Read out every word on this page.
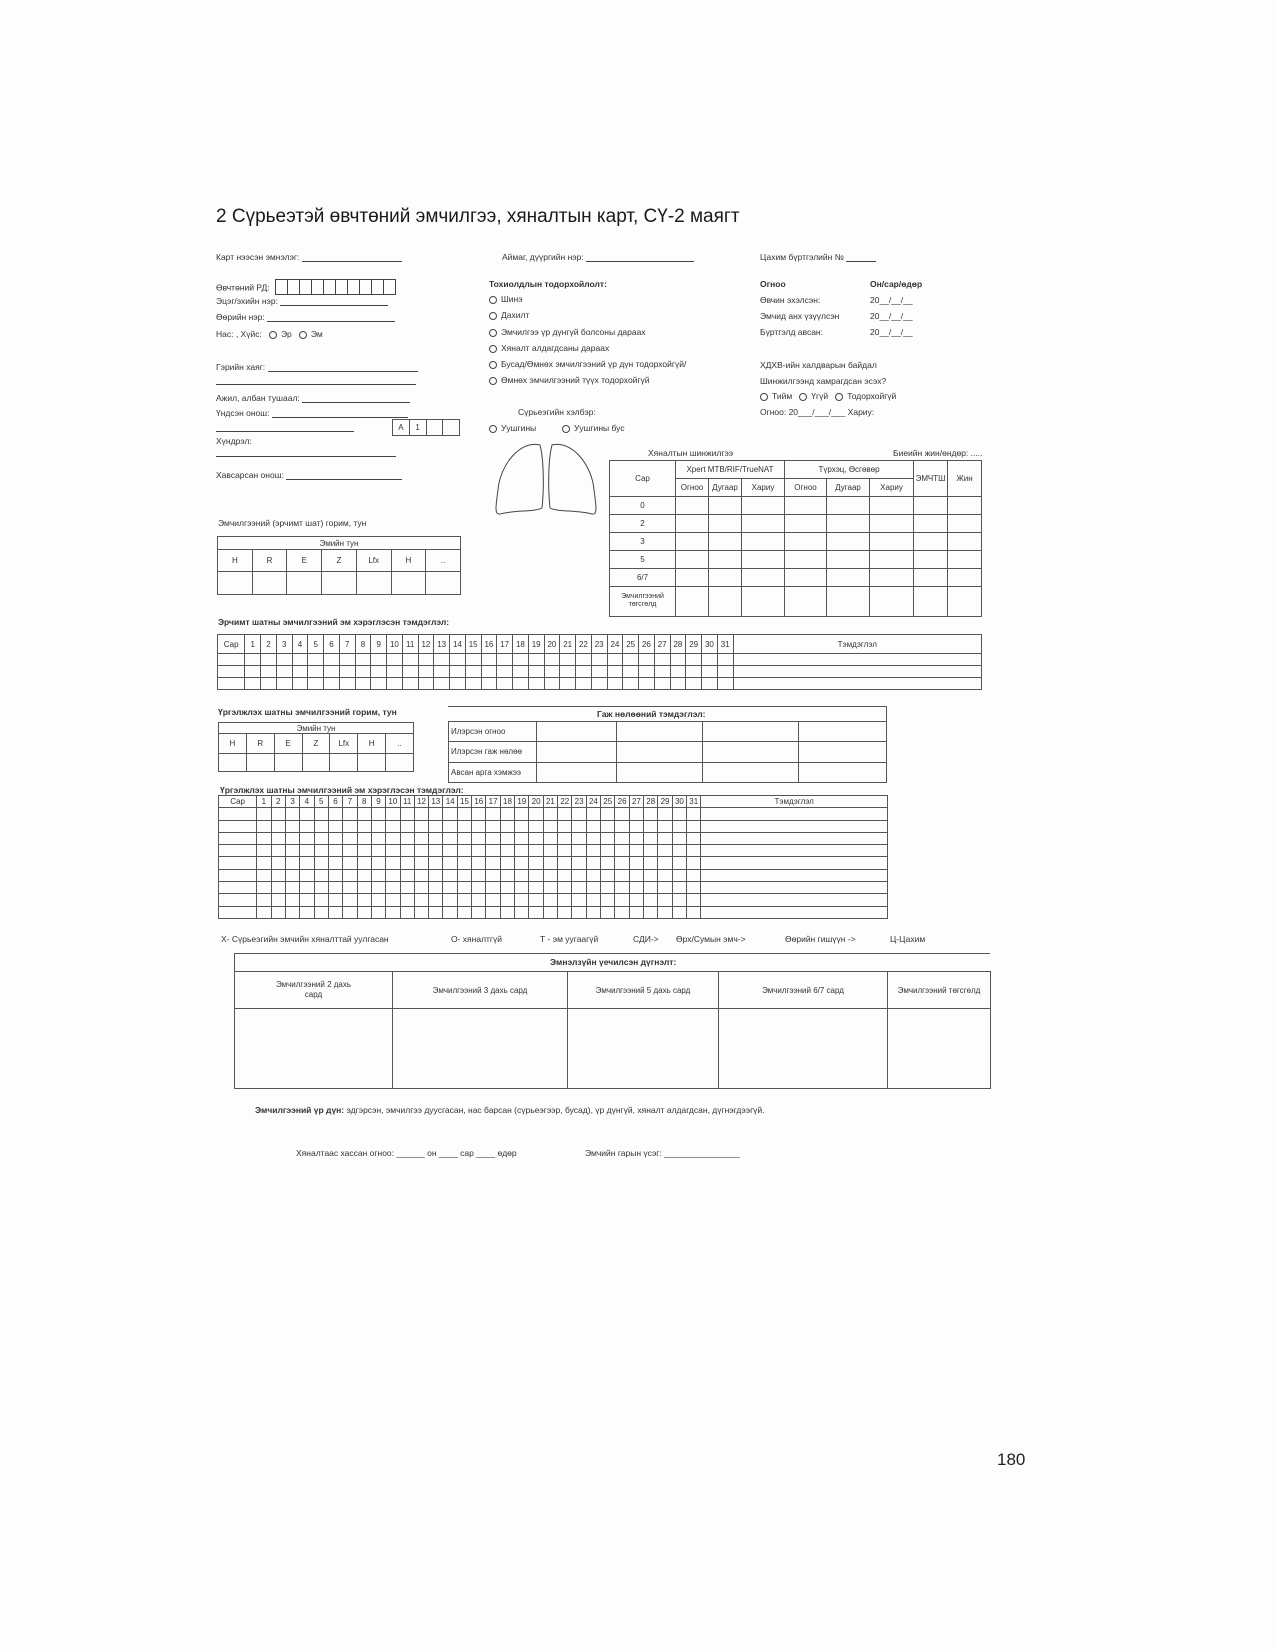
2 Сүрьеэтэй өвчтөний эмчилгээ, хяналтын карт, СҮ-2 маягт
Карт нээсэн эмнэлэг:	Аймаг, дүүргийн нэр:	Цахим бүртгэлийн №
Өвчтөний РД:
Эцэг/эхийн нэр:
Өөрийн нэр:
Нас: , Хүйс: Эр Эм
Гэрийн хаяг:
Ажил, албан тушаал:
Үндсэн онош:
А	1		
Хүндрэл:
Хавсарсан онош:
Тохиолдлын тодорхойлолт:
Шинэ
Дахилт
Эмчилгээ үр дүнгүй болсоны дараах
Хяналт алдагдсаны дараах
Бусад/Өмнөх эмчилгээний үр дүн тодорхойгүй/
Өмнөх эмчилгээний түүх тодорхойгүй
Сүрьеэгийн хэлбэр:
Уушгины	Уушгины бус
Огноо	Он/сар/өдөр
Өвчин эхэлсэн:	20__/__/__
Эмчид анх үзүүлсэн	20__/__/__
Бүртгэлд авсан:	20__/__/__
ХДХВ-ийн халдварын байдал
Шинжилгээнд хамрагдсан эсэх?
Тийм Үгүй Тодорхойгүй
Огноо: 20___/___/___ Хариу:
Хяналтын шинжилгээ	Биеийн жин/өндөр: .....
Сар	Xpert MTB/RIF/TrueNAT			Түрхэц, Өсгөвөр			ЭМЧТШ	Жин
	Огноо	Дугаар	Хариу	Огноо	Дугаар	Хариу		
0								
2								
3								
5								
6/7								
Эмчилгээний төгсгөлд								
Эмчилгээний (эрчимт шат) горим, тун
Эмийн тун						
H	R	E	Z	Lfx	H	..

Эрчимт шатны эмчилгээний эм хэрэглэсэн тэмдэглэл:
Сар	1	2	3	4	5	6	7	8	9	10	11	12	13	14	15	16	17	18	19	20	21	22	23	24	25	26	27	28	29	30	31	Тэмдэглэл

Үргэлжлэх шатны эмчилгээний горим, тун
Эмийн тун						
H	R	E	Z	Lfx	H	..

Гаж нөлөөний тэмдэглэл:
Илэрсэн огноо				
Илэрсэн гаж нөлөө				
Авсан арга хэмжээ				
Үргэлжлэх шатны эмчилгээний эм хэрэглэсэн тэмдэглэл:
Сар	1	2	3	4	5	6	7	8	9	10	11	12	13	14	15	16	17	18	19	20	21	22	23	24	25	26	27	28	29	30	31	Тэмдэглэл

Х- Сүрьеэгийн эмчийн хяналттай уулгасан	О- хяналтгүй	Т - эм уугаагүй	СДИ-> Өрх/Сумын эмч->	Өөрийн гишүүн ->	Ц-Цахим
Эмнэлзүйн үечилсэн дүгнэлт:
Эмчилгээний 2 дахь сард	Эмчилгээний 3 дахь сард	Эмчилгээний 5 дахь сард	Эмчилгээний 6/7 сард	Эмчилгээний төгсгөлд

Эмчилгээний үр дүн: эдгэрсэн, эмчилгээ дуусгасан, нас барсан (сүрьеэгээр, бусад), үр дүнгүй, хяналт алдагдсан, дүгнэгдээгүй.
Хяналтаас хассан огноо: ______ он ____ сар ____ өдөр	Эмчийн гарын үсэг: ________________
180
